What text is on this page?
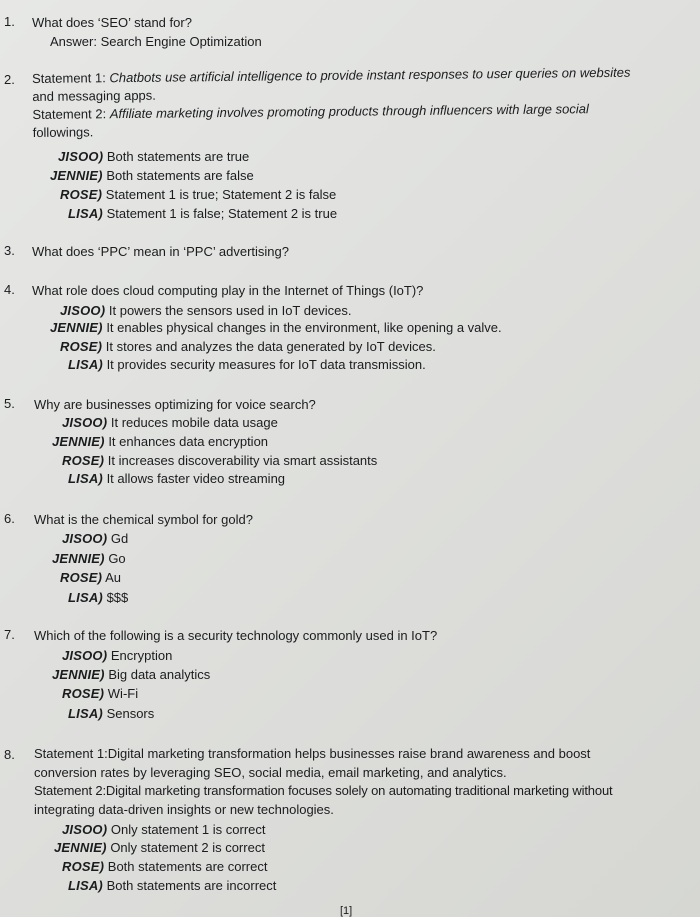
1. What does ‘SEO’ stand for?
Answer: Search Engine Optimization
2. Statement 1: Chatbots use artificial intelligence to provide instant responses to user queries on websites
and messaging apps.
Statement 2: Affiliate marketing involves promoting products through influencers with large social
followings.
JISOO) Both statements are true
JENNIE) Both statements are false
ROSE) Statement 1 is true; Statement 2 is false
LISA) Statement 1 is false; Statement 2 is true
3. What does ‘PPC’ mean in ‘PPC’ advertising?
4. What role does cloud computing play in the Internet of Things (IoT)?
JISOO) It powers the sensors used in IoT devices.
JENNIE) It enables physical changes in the environment, like opening a valve.
ROSE) It stores and analyzes the data generated by IoT devices.
LISA) It provides security measures for IoT data transmission.
5. Why are businesses optimizing for voice search?
JISOO) It reduces mobile data usage
JENNIE) It enhances data encryption
ROSE) It increases discoverability via smart assistants
LISA) It allows faster video streaming
6. What is the chemical symbol for gold?
JISOO) Gd
JENNIE) Go
ROSE) Au
LISA) $$$
7. Which of the following is a security technology commonly used in IoT?
JISOO) Encryption
JENNIE) Big data analytics
ROSE) Wi-Fi
LISA) Sensors
8. Statement 1:Digital marketing transformation helps businesses raise brand awareness and boost
conversion rates by leveraging SEO, social media, email marketing, and analytics.
Statement 2:Digital marketing transformation focuses solely on automating traditional marketing without
integrating data-driven insights or new technologies.
JISOO) Only statement 1 is correct
JENNIE) Only statement 2 is correct
ROSE) Both statements are correct
LISA) Both statements are incorrect
[1]
